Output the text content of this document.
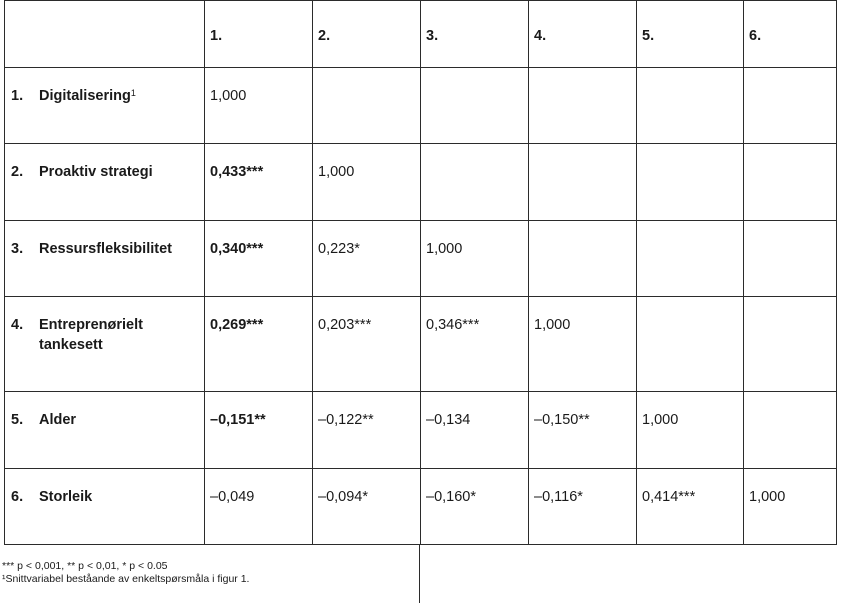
	1.	2.	3.	4.	5.	6.

1. Digitalisering$^1$	1,000					

2. Proaktiv strategi	0,433***	1,000				

3. Ressursfleksibilitet	0,340***	0,223*	1,000			

4. Entreprenørielt tankesett	0,269***	0,203***	0,346***	1,000		

5. Alder	–0,151**	–0,122**	–0,134	–0,150**	1,000	

6. Storleik	–0,049	–0,094*	–0,160*	–0,116*	0,414***	1,000
*** p < 0,001, ** p < 0,01, * p < 0.05
¹Snittvariabel beståande av enkeltspørsmåla i figur 1.
